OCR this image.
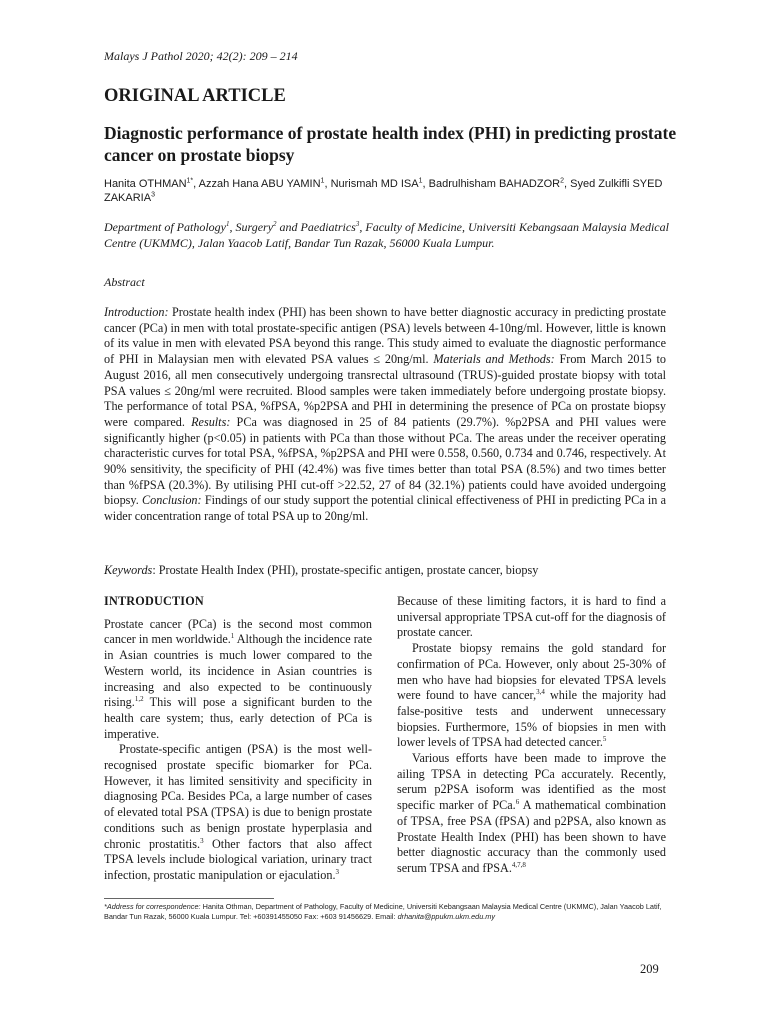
Malays J Pathol 2020; 42(2): 209 – 214
ORIGINAL ARTICLE
Diagnostic performance of prostate health index (PHI) in predicting prostate cancer on prostate biopsy
Hanita $OTHMAN^{1*}$, Azzah Hana ABU YAMIN$^1$, Nurismah MD ISA$^1$, Badrulhisham BAHADZOR$^2$, Syed Zulkifli SYED ZAKARIA$^3$
Department of Pathology$^1$, Surgery$^2$ and Paediatrics$^3$, Faculty of Medicine, Universiti Kebangsaan Malaysia Medical Centre (UKMMC), Jalan Yaacob Latif, Bandar Tun Razak, 56000 Kuala Lumpur.
Abstract
Introduction: Prostate health index (PHI) has been shown to have better diagnostic accuracy in predicting prostate cancer (PCa) in men with total prostate-specific antigen (PSA) levels between 4-10ng/ml. However, little is known of its value in men with elevated PSA beyond this range. This study aimed to evaluate the diagnostic performance of PHI in Malaysian men with elevated PSA values ≤ 20ng/ml. Materials and Methods: From March 2015 to August 2016, all men consecutively undergoing transrectal ultrasound (TRUS)-guided prostate biopsy with total PSA values ≤ 20ng/ml were recruited. Blood samples were taken immediately before undergoing prostate biopsy. The performance of total PSA, %fPSA, %p2PSA and PHI in determining the presence of PCa on prostate biopsy were compared. Results: PCa was diagnosed in 25 of 84 patients (29.7%). %p2PSA and PHI values were significantly higher (p<0.05) in patients with PCa than those without PCa. The areas under the receiver operating characteristic curves for total PSA, %fPSA, %p2PSA and PHI were 0.558, 0.560, 0.734 and 0.746, respectively. At 90% sensitivity, the specificity of PHI (42.4%) was five times better than total PSA (8.5%) and two times better than %fPSA (20.3%). By utilising PHI cut-off >22.52, 27 of 84 (32.1%) patients could have avoided undergoing biopsy. Conclusion: Findings of our study support the potential clinical effectiveness of PHI in predicting PCa in a wider concentration range of total PSA up to 20ng/ml.
Keywords: Prostate Health Index (PHI), prostate-specific antigen, prostate cancer, biopsy
INTRODUCTION

Prostate cancer (PCa) is the second most common cancer in men worldwide.$^1$ Although the incidence rate in Asian countries is much lower compared to the Western world, its incidence in Asian countries is increasing and also expected to be continuously rising.$^{1,2}$ This will pose a significant burden to the health care system; thus, early detection of PCa is imperative.

Prostate-specific antigen (PSA) is the most well-recognised prostate specific biomarker for PCa. However, it has limited sensitivity and specificity in diagnosing PCa. Besides PCa, a large number of cases of elevated total PSA (TPSA) is due to benign prostate conditions such as benign prostate hyperplasia and chronic prostatitis.$^3$ Other factors that also affect TPSA levels include biological variation, urinary tract infection, prostatic manipulation or ejaculation.$^3$

Because of these limiting factors, it is hard to find a universal appropriate TPSA cut-off for the diagnosis of prostate cancer.

Prostate biopsy remains the gold standard for confirmation of PCa. However, only about 25-30% of men who have had biopsies for elevated TPSA levels were found to have cancer,$^{3,4}$ while the majority had false-positive tests and underwent unnecessary biopsies. Furthermore, 15% of biopsies in men with lower levels of TPSA had detected cancer.$^5$

Various efforts have been made to improve the ailing TPSA in detecting PCa accurately. Recently, serum p2PSA isoform was identified as the most specific marker of PCa.$^6$ A mathematical combination of TPSA, free PSA (fPSA) and p2PSA, also known as Prostate Health Index (PHI) has been shown to have better diagnostic accuracy than the commonly used serum TPSA and fPSA.$^{4,7,8}$

*Address for correspondence: Hanita Othman, Department of Pathology, Faculty of Medicine, Universiti Kebangsaan Malaysia Medical Centre (UKMMC), Jalan Yaacob Latif, Bandar Tun Razak, 56000 Kuala Lumpur. Tel: +60391455050 Fax: +603 91456629. Email: drhanita@ppukm.ukm.edu.my
209
